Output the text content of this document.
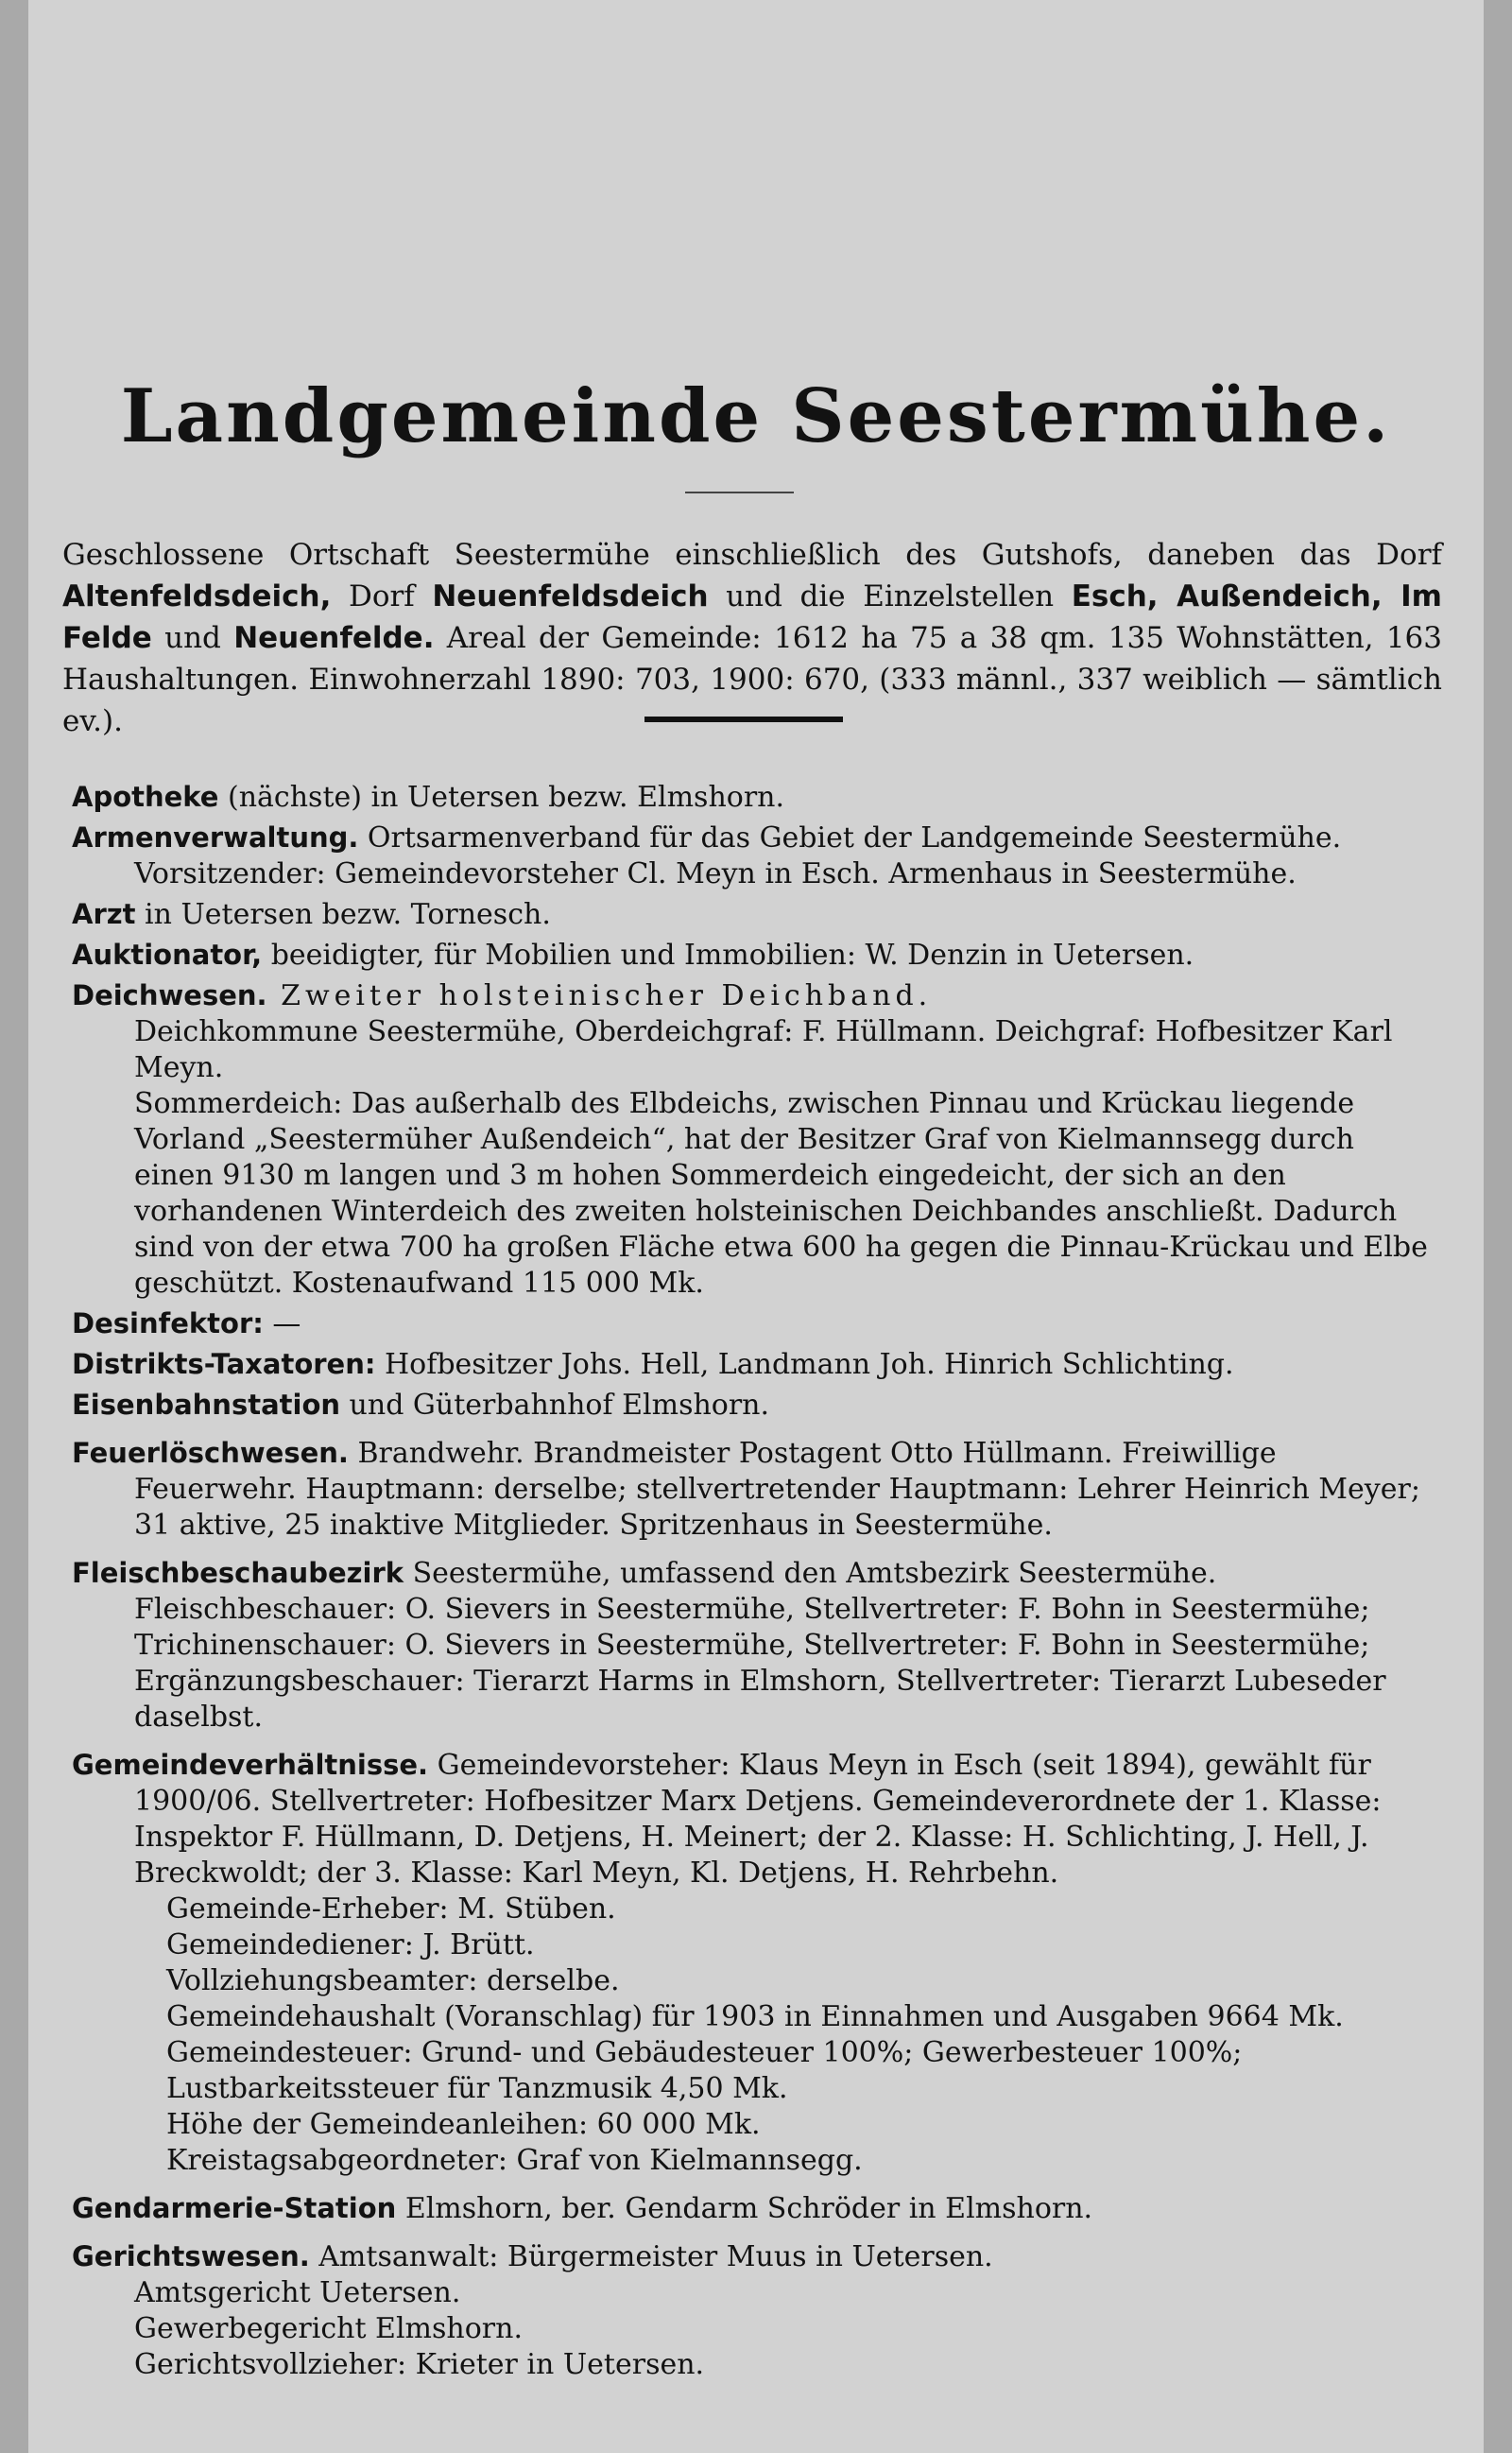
Landgemeinde Seestermühe.
Geschlossene Ortschaft Seestermühe einschließlich des Gutshofs, daneben das Dorf Altenfeldsdeich, Dorf Neuenfeldsdeich und die Einzelstellen Esch, Außendeich, Im Felde und Neuenfelde. Areal der Gemeinde: 1612 ha 75 a 38 qm. 135 Wohnstätten, 163 Haushaltungen. Einwohnerzahl 1890: 703, 1900: 670, (333 männl., 337 weiblich — sämtlich ev.).
Apotheke (nächste) in Uetersen bezw. Elmshorn.
Armenverwaltung. Ortsarmenverband für das Gebiet der Landgemeinde Seestermühe.
Vorsitzender: Gemeindevorsteher Cl. Meyn in Esch. Armenhaus in Seestermühe.
Arzt in Uetersen bezw. Tornesch.
Auktionator, beeidigter, für Mobilien und Immobilien: W. Denzin in Uetersen.
Deichwesen. Zweiter holsteinischer Deichband.
Deichkommune Seestermühe, Oberdeichgraf: F. Hüllmann. Deichgraf: Hofbesitzer Karl Meyn.
Sommerdeich: Das außerhalb des Elbdeichs, zwischen Pinnau und Krückau liegende Vorland „Seestermüher Außendeich“, hat der Besitzer Graf von Kielmannsegg durch einen 9130 m langen und 3 m hohen Sommerdeich eingedeicht, der sich an den vorhandenen Winterdeich des zweiten holsteinischen Deichbandes anschließt. Dadurch sind von der etwa 700 ha großen Fläche etwa 600 ha gegen die Pinnau-Krückau und Elbe geschützt. Kostenaufwand 115 000 Mk.
Desinfektor: —
Distrikts-Taxatoren: Hofbesitzer Johs. Hell, Landmann Joh. Hinrich Schlichting.
Eisenbahnstation und Güterbahnhof Elmshorn.
Feuerlöschwesen. Brandwehr. Brandmeister Postagent Otto Hüllmann. Freiwillige Feuerwehr. Hauptmann: derselbe; stellvertretender Hauptmann: Lehrer Heinrich Meyer; 31 aktive, 25 inaktive Mitglieder. Spritzenhaus in Seestermühe.
Fleischbeschaubezirk Seestermühe, umfassend den Amtsbezirk Seestermühe. Fleischbeschauer: O. Sievers in Seestermühe, Stellvertreter: F. Bohn in Seestermühe; Trichinenschauer: O. Sievers in Seestermühe, Stellvertreter: F. Bohn in Seestermühe; Ergänzungsbeschauer: Tierarzt Harms in Elmshorn, Stellvertreter: Tierarzt Lubeseder daselbst.
Gemeindeverhältnisse. Gemeindevorsteher: Klaus Meyn in Esch (seit 1894), gewählt für 1900/06. Stellvertreter: Hofbesitzer Marx Detjens. Gemeindeverordnete der 1. Klasse: Inspektor F. Hüllmann, D. Detjens, H. Meinert; der 2. Klasse: H. Schlichting, J. Hell, J. Breckwoldt; der 3. Klasse: Karl Meyn, Kl. Detjens, H. Rehrbehn.
Gemeinde-Erheber: M. Stüben.
Gemeindediener: J. Brütt.
Vollziehungsbeamter: derselbe.
Gemeindehaushalt (Voranschlag) für 1903 in Einnahmen und Ausgaben 9664 Mk.
Gemeindesteuer: Grund- und Gebäudesteuer 100%; Gewerbesteuer 100%; Lustbarkeitssteuer für Tanzmusik 4,50 Mk.
Höhe der Gemeindeanleihen: 60 000 Mk.
Kreistagsabgeordneter: Graf von Kielmannsegg.
Gendarmerie-Station Elmshorn, ber. Gendarm Schröder in Elmshorn.
Gerichtswesen. Amtsanwalt: Bürgermeister Muus in Uetersen.
Amtsgericht Uetersen.
Gewerbegericht Elmshorn.
Gerichtsvollzieher: Krieter in Uetersen.
